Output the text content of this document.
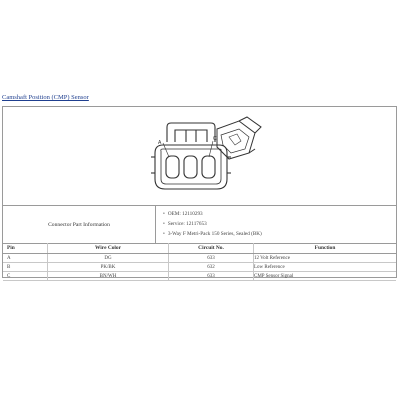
Camshaft Position (CMP) Sensor
A
C
Connector Part Information
• OEM: 12110293
• Service: 12117653
• 3-Way F Metri-Pack 150 Series, Sealed (BK)
Pin	Wire Color	Circuit No.	Function
A	DG	633	12 Volt Reference
B	PK/BK	632	Low Reference
C	BN/WH	633	CMP Sensor Signal
